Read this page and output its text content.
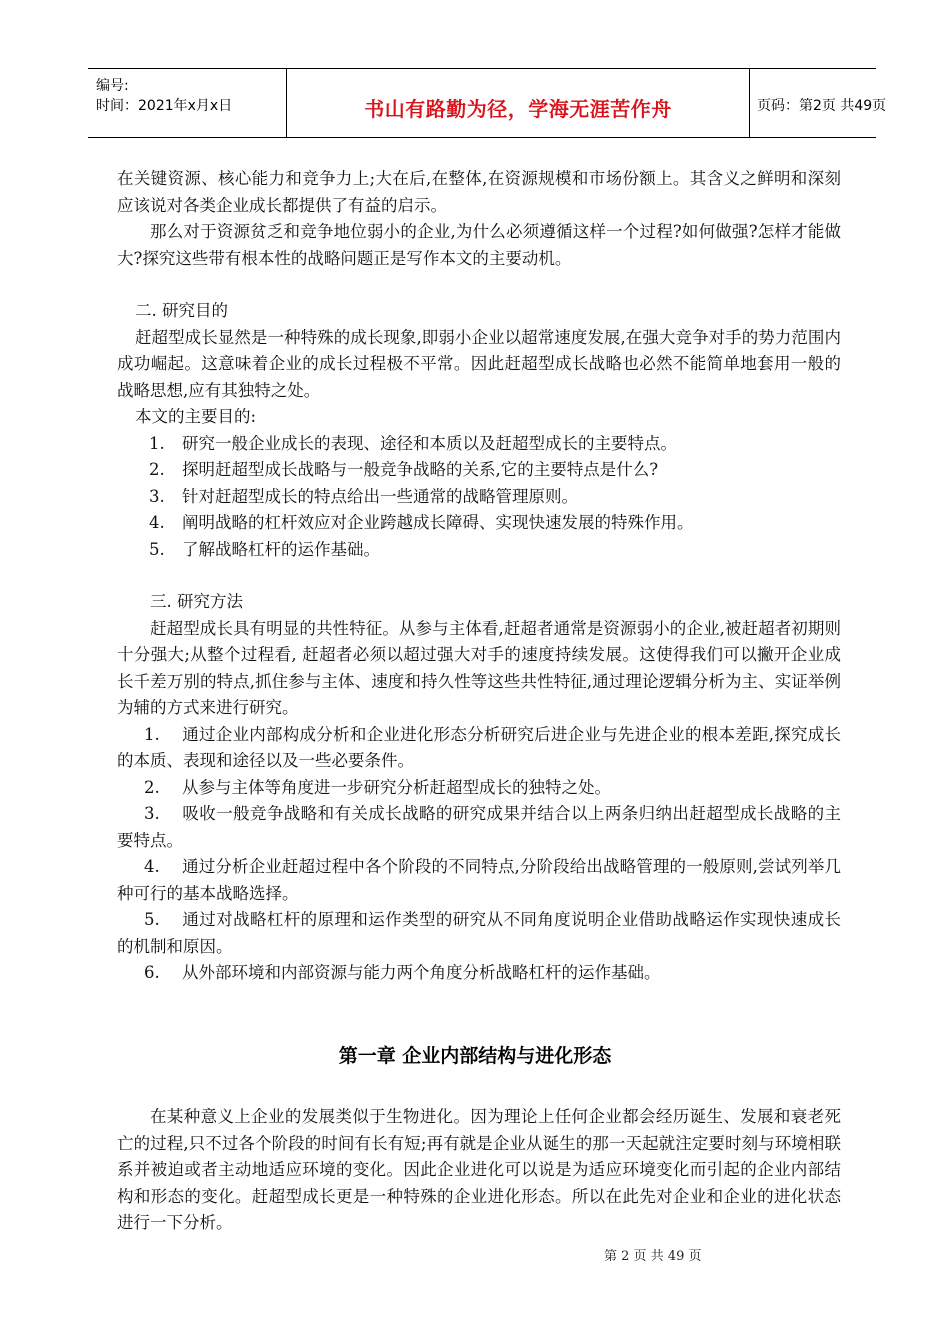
编号:
时间：2021年x月x日	书山有路勤为径，学海无涯苦作舟	页码：第2页 共49页

在关键资源、核心能力和竞争力上;大在后,在整体,在资源规模和市场份额上。其含义之鲜明和深刻应该说对各类企业成长都提供了有益的启示。

那么对于资源贫乏和竞争地位弱小的企业,为什么必须遵循这样一个过程?如何做强?怎样才能做大?探究这些带有根本性的战略问题正是写作本文的主要动机。

二. 研究目的

赶超型成长显然是一种特殊的成长现象,即弱小企业以超常速度发展,在强大竞争对手的势力范围内成功崛起。这意味着企业的成长过程极不平常。因此赶超型成长战略也必然不能简单地套用一般的战略思想,应有其独特之处。

本文的主要目的:

1. 研究一般企业成长的表现、途径和本质以及赶超型成长的主要特点。

2. 探明赶超型成长战略与一般竞争战略的关系,它的主要特点是什么?

3. 针对赶超型成长的特点给出一些通常的战略管理原则。

4. 阐明战略的杠杆效应对企业跨越成长障碍、实现快速发展的特殊作用。

5. 了解战略杠杆的运作基础。

三. 研究方法

赶超型成长具有明显的共性特征。从参与主体看,赶超者通常是资源弱小的企业,被赶超者初期则十分强大;从整个过程看, 赶超者必须以超过强大对手的速度持续发展。这使得我们可以撇开企业成长千差万别的特点,抓住参与主体、速度和持久性等这些共性特征,通过理论逻辑分析为主、实证举例为辅的方式来进行研究。

1. 通过企业内部构成分析和企业进化形态分析研究后进企业与先进企业的根本差距,探究成长的本质、表现和途径以及一些必要条件。

2. 从参与主体等角度进一步研究分析赶超型成长的独特之处。

3. 吸收一般竞争战略和有关成长战略的研究成果并结合以上两条归纳出赶超型成长战略的主要特点。

4. 通过分析企业赶超过程中各个阶段的不同特点,分阶段给出战略管理的一般原则,尝试列举几种可行的基本战略选择。

5. 通过对战略杠杆的原理和运作类型的研究从不同角度说明企业借助战略运作实现快速成长的机制和原因。

6. 从外部环境和内部资源与能力两个角度分析战略杠杆的运作基础。

第一章 企业内部结构与进化形态

在某种意义上企业的发展类似于生物进化。因为理论上任何企业都会经历诞生、发展和衰老死亡的过程,只不过各个阶段的时间有长有短;再有就是企业从诞生的那一天起就注定要时刻与环境相联系并被迫或者主动地适应环境的变化。因此企业进化可以说是为适应环境变化而引起的企业内部结构和形态的变化。赶超型成长更是一种特殊的企业进化形态。所以在此先对企业和企业的进化状态进行一下分析。

第 2 页 共 49 页
